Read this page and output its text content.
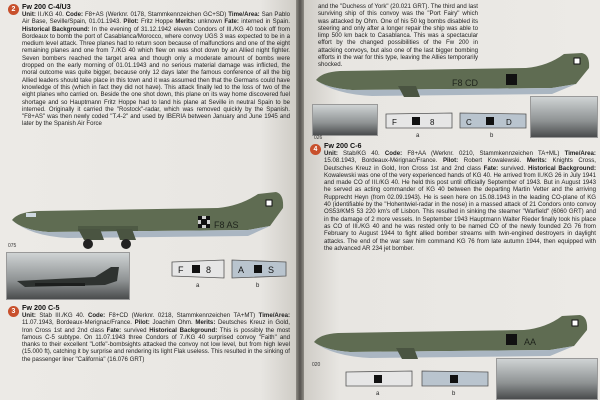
2 Fw 200 C-4/U3
Unit: II./KG 40. Code: F8+AS (Werknr. 0178, Stammkennzeichen GC+SD) Time/Area: San Pablo Air Base, Seville/Spain, 01.01.1943. Pilot: Fritz Hoppe Merits: unknown Fate: interned in Spain. Historical Background: In the evening of 31.12.1942 eleven Condors of III./KG 40 took off from Bordeaux to bomb the port of Casablanca/Morocco, where convoy UGS 3 was expected to be in a medium level attack. Three planes had to return soon because of malfunctions and one of the eight remaining planes and one from 7./KG 40 which flew on was shot down by an Allied night fighter. Seven bombers reached the target area and though only a moderate amount of bombs were dropped on the early morning of 01.01.1943 and no serious material damage was inflicted, the moral outcome was quite bigger, because only 12 days later the famous conference of all the big Allied leaders should take place in this town and it was assumed then that the Germans could have knowledge of this (which in fact they did not have). This attack finally led to the loss of two of the eight planes who carried on. Beside the one shot down, this plane on its way home discovered fuel shortage and so Hauptmann Fritz Hoppe had to land his plane at Seville in neutral Spain to be interned. Originally it carried the "Rostock"-radar, which was removed quickly by the Spanish. "F8+AS" was then newly coded "T.4-2" and used by IBERIA between January and June 1945 and later by the Spanish Air Force
F8 AS
075
F	8	A	S
a	b
3 Fw 200 C-5
Unit: Stab III./KG 40. Code: F8+CD (Werknr. 0218, Stammkennzeichen TA+MT) Time/Area: 11.07.1943, Bordeaux-Merignac/France. Pilot: Joachim Ohm. Merits: Deutsches Kreuz in Gold, Iron Cross 1st and 2nd class Fate: survived Historical Background: This is possibly the most famous C-5 subtype. On 11.07.1943 three Condors of 7./KG 40 surprised convoy "Faith" and thanks to their excellent "Lotfe"-bombsights attacked the convoy not low level, but from high level (15.000 ft), catching it by surprise and rendering its light Flak useless. This resulted in the sinking of the passenger liner "California" (16.076 GRT)
and the "Duchess of York" (20.021 GRT). The third and last surviving ship of this convoy was the "Port Fairy" which was attacked by Ohm. One of his 50 kg bombs disabled its steering and only after a longer repair the ship was able to limp 500 km back to Casablanca. This was a spectacular effort by the changed possibilities of the Fw 200 in attacking convoys, but also one of the last bigger bombing efforts in the war for this type, leaving the Allies temporarily shocked.
F8 CD
026
F	8	C	D
a	b
4 Fw 200 C-6
Unit: Stab/KG 40. Code: F8+AA (Werknr. 0210, Stammkennzeichen TA+ML) Time/Area: 15.08.1943, Bordeaux-Mérignac/France. Pilot: Robert Kowalewski. Merits: Knights Cross, Deutsches Kreuz in Gold, Iron Cross 1st and 2nd class Fate: survived. Historical Background: Kowalewski was one of the very experienced hands of KG 40. He arrived from II./KG 26 in July 1941 and made CO of III./KG 40. He held this post until officially September of 1943. But in August 1943 he served as acting commander of KG 40 between the departing Martin Vetter and the arriving Rupprecht Heyn (from 02.09.1943). He is seen here on 15.08.1943 in the leading CO-plane of KG 40 (identifiable by the "Hohentwiel-radar in the nose) in a massed attack of 21 Condors onto convoy OS53/KMS 53 220 km's off Lisbon. This resulted in sinking the steamer "Warfield" (6060 GRT) and in the damage of 2 more vessels. In September 1943 Hauptmann Walter Rieder finally took his place as CO of III./KG 40 and he was rested only to be named CO of the newly founded ZG 76 from February to August 1944 to fight allied bomber streams with twin-engined destroyers in daylight attacks. The end of the war saw him command KG 76 from late autumn 1944, then equipped with the advanced AR 234 jet bomber.
AA
020
a	b
